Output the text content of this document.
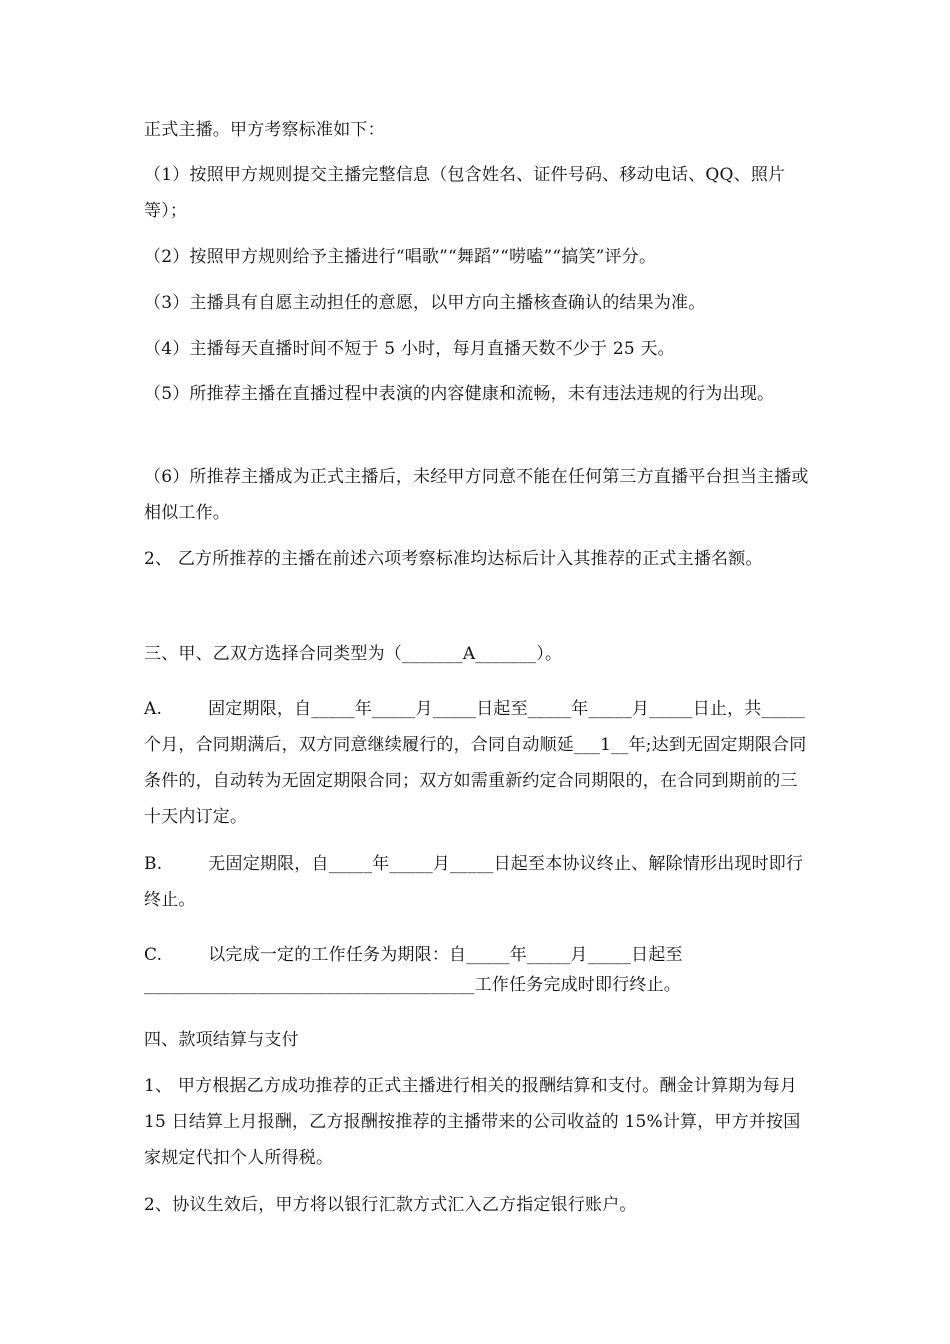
正式主播。甲方考察标准如下：

（1）按照甲方规则提交主播完整信息（包含姓名、证件号码、移动电话、QQ、照片等）；

（2）按照甲方规则给予主播进行“唱歌”“舞蹈”“唠嗑”“搞笑”评分。

（3）主播具有自愿主动担任的意愿，以甲方向主播核查确认的结果为准。

（4）主播每天直播时间不短于 5 小时，每月直播天数不少于 25 天。

（5）所推荐主播在直播过程中表演的内容健康和流畅，未有违法违规的行为出现。

（6）所推荐主播成为正式主播后，未经甲方同意不能在任何第三方直播平台担当主播或相似工作。

2、 乙方所推荐的主播在前述六项考察标准均达标后计入其推荐的正式主播名额。

三、甲、乙双方选择合同类型为（_______A_______）。

A.	固定期限，自_____年_____月_____日起至_____年_____月_____日止，共_____个月，合同期满后，双方同意继续履行的，合同自动顺延___1__年;达到无固定期限合同条件的，自动转为无固定期限合同；双方如需重新约定合同期限的，在合同到期前的三十天内订定。

B.	无固定期限，自_____年_____月_____日起至本协议终止、解除情形出现时即行终止。

C.	以完成一定的工作任务为期限：自_____年_____月_____日起至

______________________________________工作任务完成时即行终止。

四、款项结算与支付

1、 甲方根据乙方成功推荐的正式主播进行相关的报酬结算和支付。酬金计算期为每月 15 日结算上月报酬，乙方报酬按推荐的主播带来的公司收益的 15%计算，甲方并按国家规定代扣个人所得税。

2、协议生效后，甲方将以银行汇款方式汇入乙方指定银行账户。
